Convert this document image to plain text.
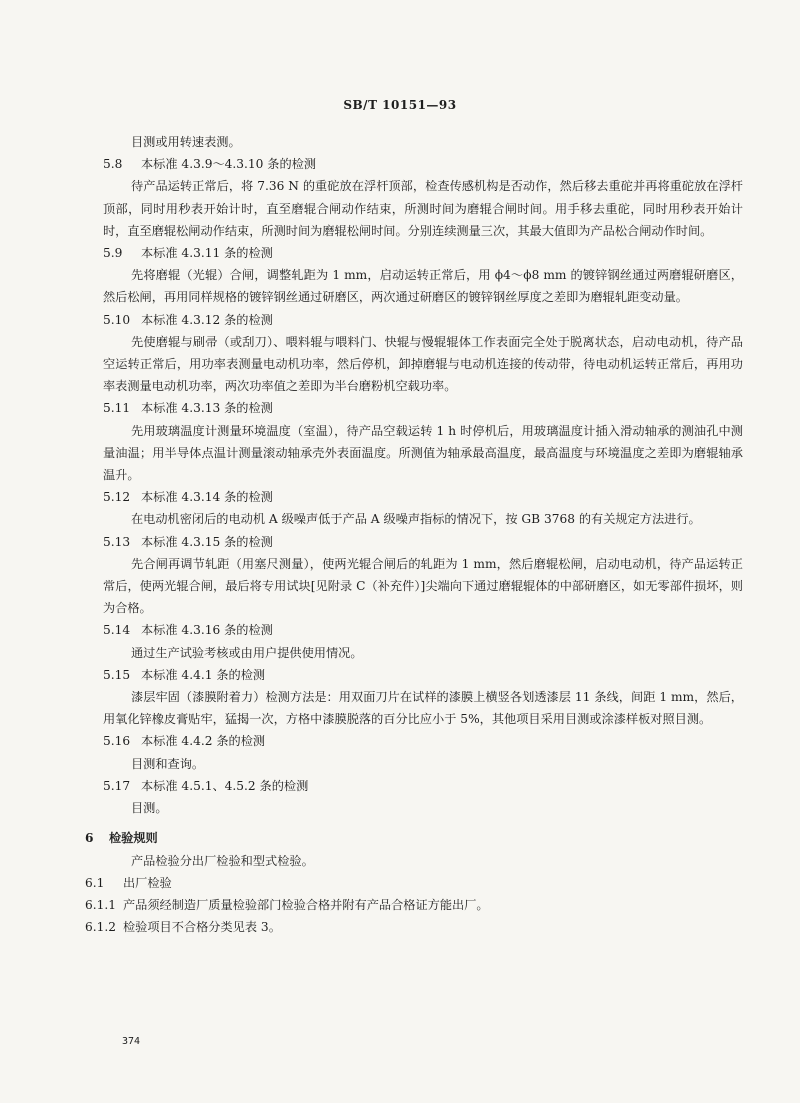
SB/T 10151—93
目测或用转速表测。
5.8 本标准 4.3.9～4.3.10 条的检测
待产品运转正常后，将 7.36 N 的重砣放在浮杆顶部，检查传感机构是否动作，然后移去重砣并再将重砣放在浮杆顶部，同时用秒表开始计时，直至磨辊合闸动作结束，所测时间为磨辊合闸时间。用手移去重砣，同时用秒表开始计时，直至磨辊松闸动作结束，所测时间为磨辊松闸时间。分别连续测量三次，其最大值即为产品松合闸动作时间。
5.9 本标准 4.3.11 条的检测
先将磨辊（光辊）合闸，调整轧距为 1 mm，启动运转正常后，用 ϕ4～ϕ8 mm 的镀锌钢丝通过两磨辊研磨区，然后松闸，再用同样规格的镀锌钢丝通过研磨区，两次通过研磨区的镀锌钢丝厚度之差即为磨辊轧距变动量。
5.10 本标准 4.3.12 条的检测
先使磨辊与刷帚（或刮刀）、喂料辊与喂料门、快辊与慢辊辊体工作表面完全处于脱离状态，启动电动机，待产品空运转正常后，用功率表测量电动机功率，然后停机，卸掉磨辊与电动机连接的传动带，待电动机运转正常后，再用功率表测量电动机功率，两次功率值之差即为半台磨粉机空载功率。
5.11 本标准 4.3.13 条的检测
先用玻璃温度计测量环境温度（室温），待产品空载运转 1 h 时停机后，用玻璃温度计插入滑动轴承的测油孔中测量油温；用半导体点温计测量滚动轴承壳外表面温度。所测值为轴承最高温度，最高温度与环境温度之差即为磨辊轴承温升。
5.12 本标准 4.3.14 条的检测
在电动机密闭后的电动机 A 级噪声低于产品 A 级噪声指标的情况下，按 GB 3768 的有关规定方法进行。
5.13 本标准 4.3.15 条的检测
先合闸再调节轧距（用塞尺测量），使两光辊合闸后的轧距为 1 mm，然后磨辊松闸，启动电动机，待产品运转正常后，使两光辊合闸，最后将专用试块[见附录 C（补充件）]尖端向下通过磨辊辊体的中部研磨区，如无零部件损坏，则为合格。
5.14 本标准 4.3.16 条的检测
通过生产试验考核或由用户提供使用情况。
5.15 本标准 4.4.1 条的检测
漆层牢固（漆膜附着力）检测方法是：用双面刀片在试样的漆膜上横竖各划透漆层 11 条线，间距 1 mm，然后，用氧化锌橡皮膏贴牢，猛揭一次，方格中漆膜脱落的百分比应小于 5%，其他项目采用目测或涂漆样板对照目测。
5.16 本标准 4.4.2 条的检测
目测和查询。
5.17 本标准 4.5.1、4.5.2 条的检测
目测。
6 检验规则
产品检验分出厂检验和型式检验。
6.1 出厂检验
6.1.1 产品须经制造厂质量检验部门检验合格并附有产品合格证方能出厂。
6.1.2 检验项目不合格分类见表 3。
374
